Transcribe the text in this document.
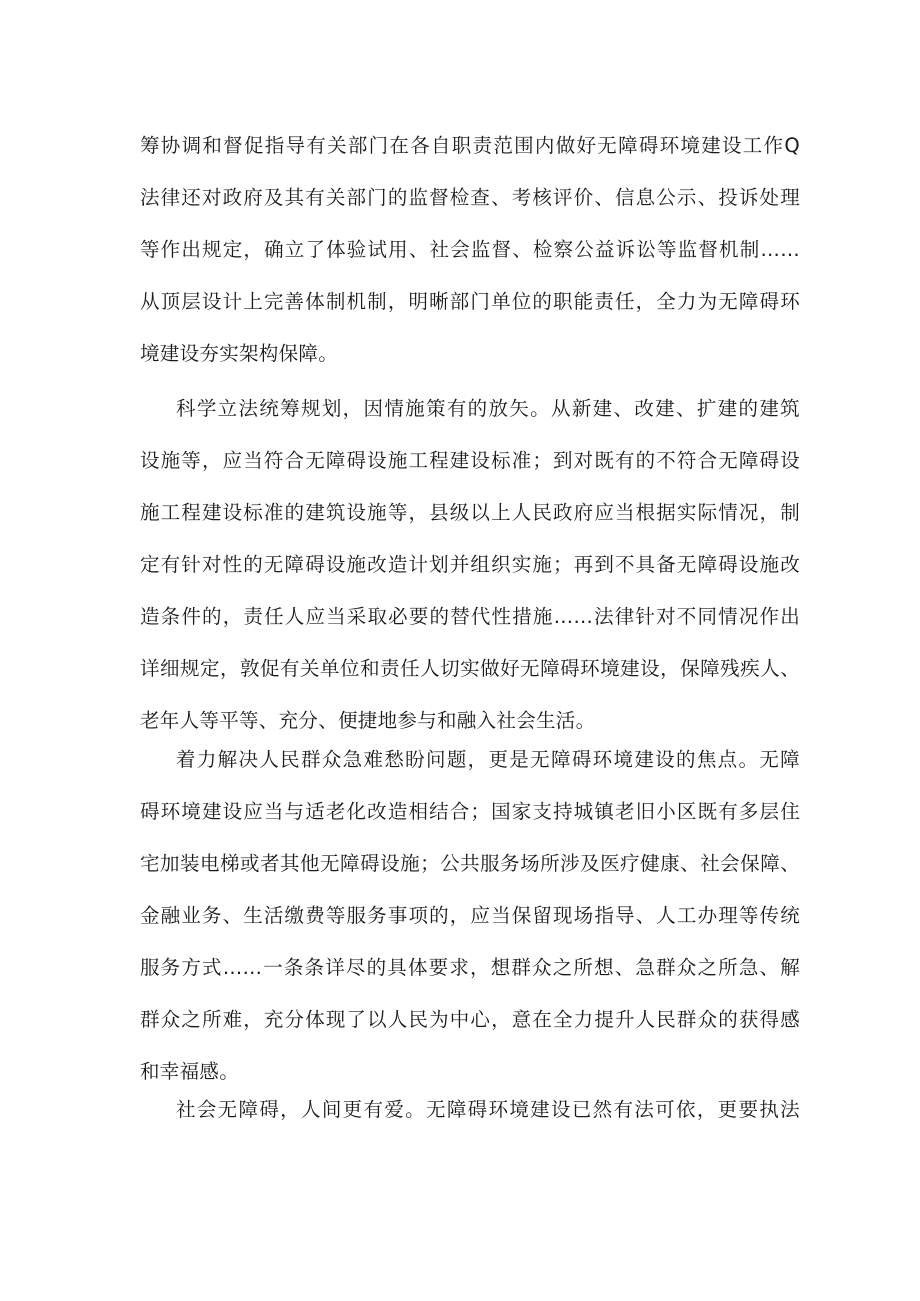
筹协调和督促指导有关部门在各自职责范围内做好无障碍环境建设工作Q
法律还对政府及其有关部门的监督检查、考核评价、信息公示、投诉处理
等作出规定，确立了体验试用、社会监督、检察公益诉讼等监督机制……
从顶层设计上完善体制机制，明晰部门单位的职能责任，全力为无障碍环
境建设夯实架构保障。
科学立法统筹规划，因情施策有的放矢。从新建、改建、扩建的建筑
设施等，应当符合无障碍设施工程建设标准；到对既有的不符合无障碍设
施工程建设标准的建筑设施等，县级以上人民政府应当根据实际情况，制
定有针对性的无障碍设施改造计划并组织实施；再到不具备无障碍设施改
造条件的，责任人应当采取必要的替代性措施……法律针对不同情况作出
详细规定，敦促有关单位和责任人切实做好无障碍环境建设，保障残疾人、
老年人等平等、充分、便捷地参与和融入社会生活。
着力解决人民群众急难愁盼问题，更是无障碍环境建设的焦点。无障
碍环境建设应当与适老化改造相结合；国家支持城镇老旧小区既有多层住
宅加装电梯或者其他无障碍设施；公共服务场所涉及医疗健康、社会保障、
金融业务、生活缴费等服务事项的，应当保留现场指导、人工办理等传统
服务方式……一条条详尽的具体要求，想群众之所想、急群众之所急、解
群众之所难，充分体现了以人民为中心，意在全力提升人民群众的获得感
和幸福感。
社会无障碍，人间更有爱。无障碍环境建设已然有法可依，更要执法
